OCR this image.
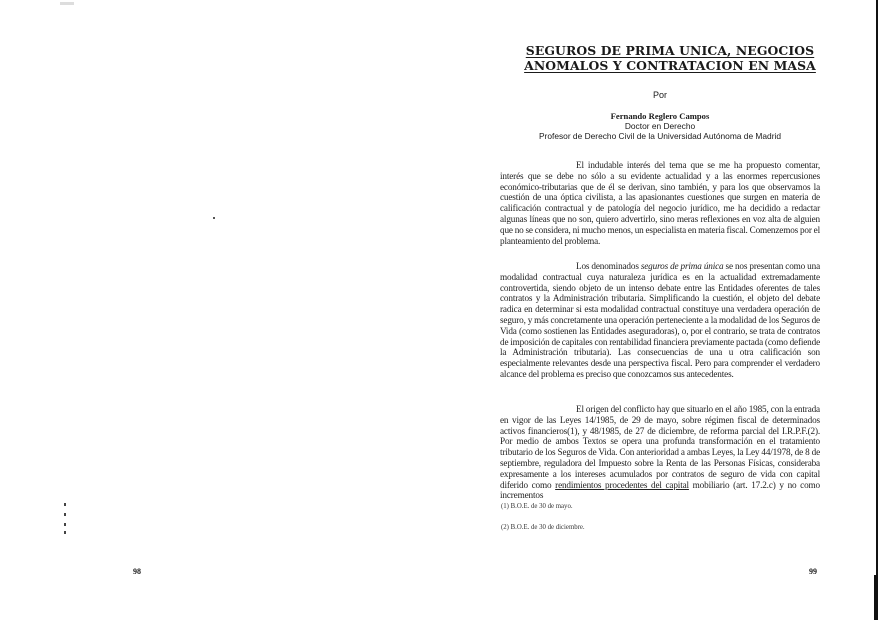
98
SEGUROS DE PRIMA UNICA, NEGOCIOS
ANOMALOS Y CONTRATACION EN MASA
Por
Fernando Reglero Campos
Doctor en Derecho
Profesor de Derecho Civil de la Universidad Autónoma de Madrid

El indudable interés del tema que se me ha propuesto comentar, interés que se debe no sólo a su evidente actualidad y a las enormes repercusiones económico-tributarias que de él se derivan, sino también, y para los que observamos la cuestión de una óptica civilista, a las apasionantes cuestiones que surgen en materia de calificación contractual y de patología del negocio jurídico, me ha decidido a redactar algunas líneas que no son, quiero advertirlo, sino meras reflexiones en voz alta de alguien que no se considera, ni mucho menos, un especialista en materia fiscal. Comenzemos por el planteamiento del problema.

Los denominados seguros de prima única se nos presentan como una modalidad contractual cuya naturaleza jurídica es en la actualidad extremadamente controvertida, siendo objeto de un intenso debate entre las Entidades oferentes de tales contratos y la Administración tributaria. Simplificando la cuestión, el objeto del debate radica en determinar si esta modalidad contractual constituye una verdadera operación de seguro, y más concretamente una operación perteneciente a la modalidad de los Seguros de Vida (como sostienen las Entidades aseguradoras), o, por el contrario, se trata de contratos de imposición de capitales con rentabilidad financiera previamente pactada (como defiende la Administración tributaria). Las consecuencias de una u otra calificación son especialmente relevantes desde una perspectiva fiscal. Pero para comprender el verdadero alcance del problema es preciso que conozcamos sus antecedentes.

El origen del conflicto hay que situarlo en el año 1985, con la entrada en vigor de las Leyes 14/1985, de 29 de mayo, sobre régimen fiscal de determinados activos financieros(1), y 48/1985, de 27 de diciembre, de reforma parcial del I.R.P.F.(2). Por medio de ambos Textos se opera una profunda transformación en el tratamiento tributario de los Seguros de Vida. Con anterioridad a ambas Leyes, la Ley 44/1978, de 8 de septiembre, reguladora del Impuesto sobre la Renta de las Personas Físicas, consideraba expresamente a los intereses acumulados por contratos de seguro de vida con capital diferido como rendimientos procedentes del capital mobiliario (art. 17.2.c) y no como incrementos

(1) B.O.E. de 30 de mayo.
(2) B.O.E. de 30 de diciembre.
99
